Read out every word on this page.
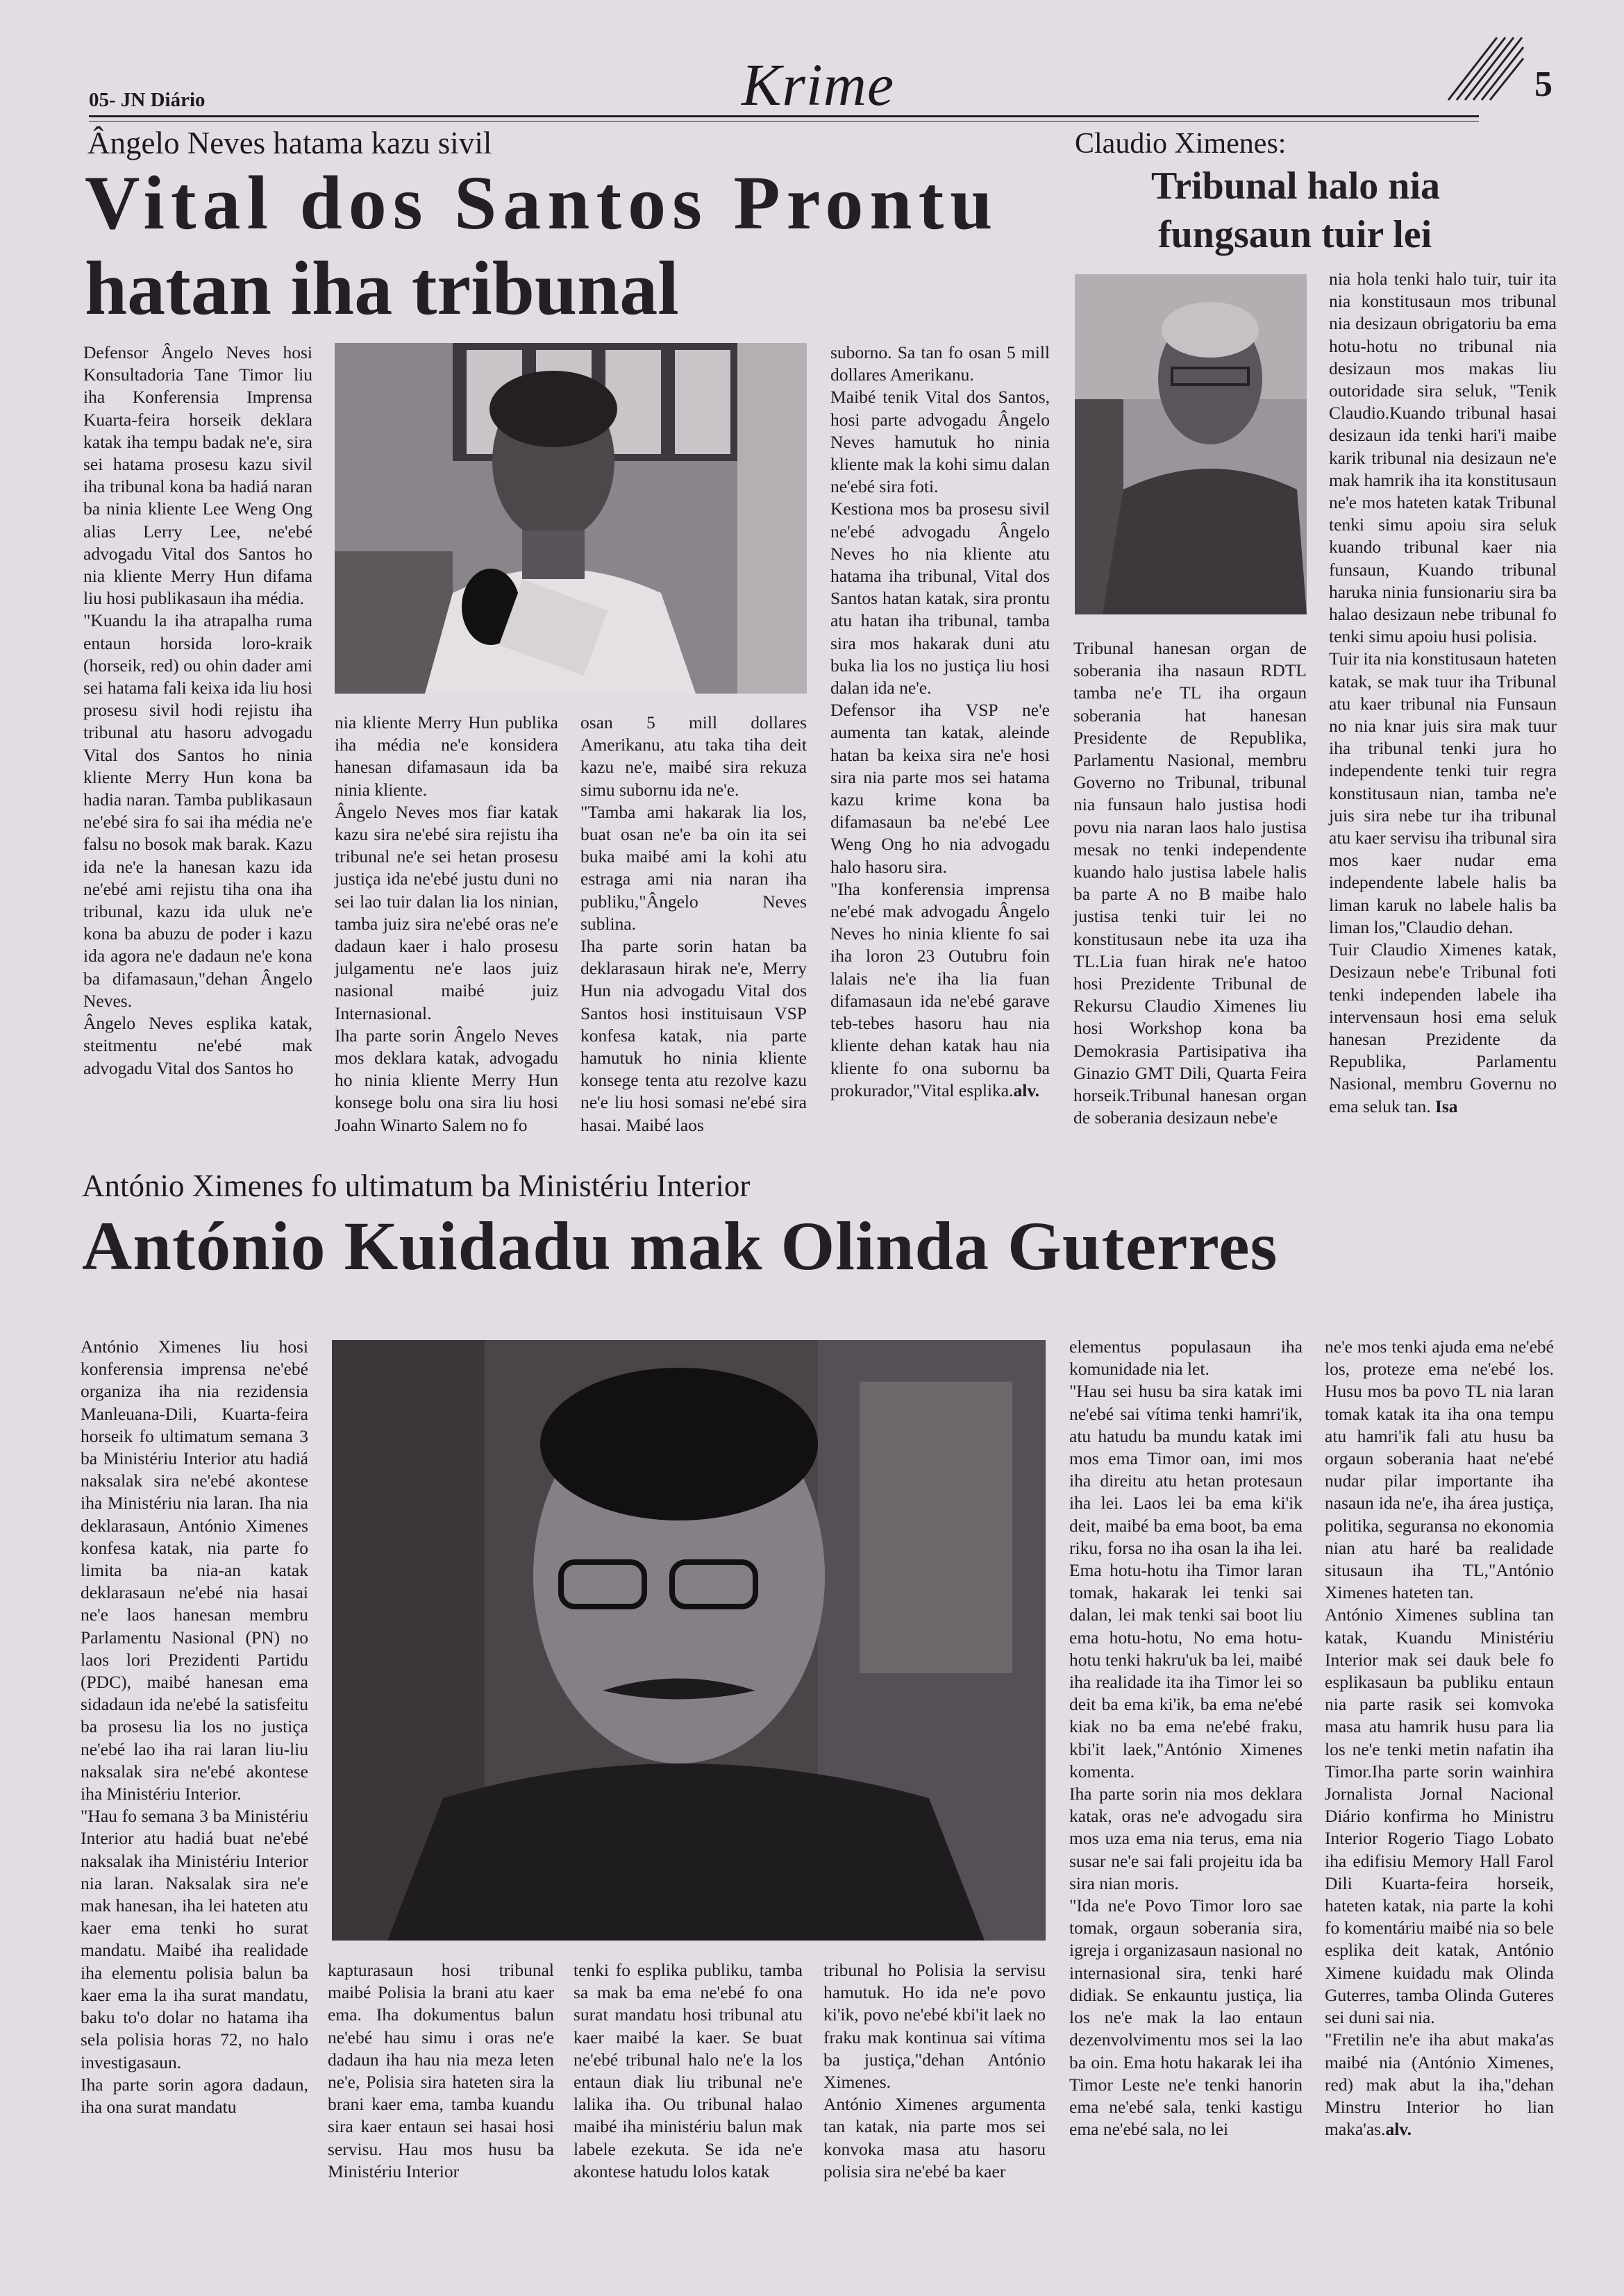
05- JN Diário	Krime	5
Ângelo Neves hatama kazu sivil
Vital dos Santos Prontu
hatan iha tribunal

Defensor Ângelo Neves hosi Konsultadoria Tane Timor liu iha Konferensia Imprensa Kuarta-feira horseik deklara katak iha tempu badak ne'e, sira sei hatama prosesu kazu sivil iha tribunal kona ba hadiá naran ba ninia kliente Lee Weng Ong alias Lerry Lee, ne'ebé advogadu Vital dos Santos ho nia kliente Merry Hun difama liu hosi publikasaun iha média.

"Kuandu la iha atrapalha ruma entaun horsida loro-kraik (horseik, red) ou ohin dader ami sei hatama fali keixa ida liu hosi prosesu sivil hodi rejistu iha tribunal atu hasoru advogadu Vital dos Santos ho ninia kliente Merry Hun kona ba hadia naran. Tamba publikasaun ne'ebé sira fo sai iha média ne'e falsu no bosok mak barak. Kazu ida ne'e la hanesan kazu ida ne'ebé ami rejistu tiha ona iha tribunal, kazu ida uluk ne'e kona ba abuzu de poder i kazu ida agora ne'e dadaun ne'e kona ba difamasaun,"dehan Ângelo Neves.

Ângelo Neves esplika katak, steitmentu ne'ebé mak advogadu Vital dos Santos ho

nia kliente Merry Hun publika iha média ne'e konsidera hanesan difamasaun ida ba ninia kliente.

Ângelo Neves mos fiar katak kazu sira ne'ebé sira rejistu iha tribunal ne'e sei hetan prosesu justiça ida ne'ebé justu duni no sei lao tuir dalan lia los ninian, tamba juiz sira ne'ebé oras ne'e dadaun kaer i halo prosesu julgamentu ne'e laos juiz nasional maibé juiz Internasional.

Iha parte sorin Ângelo Neves mos deklara katak, advogadu ho ninia kliente Merry Hun konsege bolu ona sira liu hosi Joahn Winarto Salem no fo

osan 5 mill dollares Amerikanu, atu taka tiha deit kazu ne'e, maibé sira rekuza simu subornu ida ne'e.

"Tamba ami hakarak lia los, buat osan ne'e ba oin ita sei buka maibé ami la kohi atu estraga ami nia naran iha publiku,"Ângelo Neves sublina.

Iha parte sorin hatan ba deklarasaun hirak ne'e, Merry Hun nia advogadu Vital dos Santos hosi instituisaun VSP konfesa katak, nia parte hamutuk ho ninia kliente konsege tenta atu rezolve kazu ne'e liu hosi somasi ne'ebé sira hasai. Maibé laos

suborno. Sa tan fo osan 5 mill dollares Amerikanu.

Maibé tenik Vital dos Santos, hosi parte advogadu Ângelo Neves hamutuk ho ninia kliente mak la kohi simu dalan ne'ebé sira foti.

Kestiona mos ba prosesu sivil ne'ebé advogadu Ângelo Neves ho nia kliente atu hatama iha tribunal, Vital dos Santos hatan katak, sira prontu atu hatan iha tribunal, tamba sira mos hakarak duni atu buka lia los no justiça liu hosi dalan ida ne'e.

Defensor iha VSP ne'e aumenta tan katak, aleinde hatan ba keixa sira ne'e hosi sira nia parte mos sei hatama kazu krime kona ba difamasaun ba ne'ebé Lee Weng Ong ho nia advogadu halo hasoru sira.

"Iha konferensia imprensa ne'ebé mak advogadu Ângelo Neves ho ninia kliente fo sai iha loron 23 Outubru foin lalais ne'e iha lia fuan difamasaun ida ne'ebé garave teb-tebes hasoru hau nia kliente dehan katak hau nia kliente fo ona subornu ba prokurador,"Vital esplika.alv.

Claudio Ximenes:
Tribunal halo nia
fungsaun tuir lei

Tribunal hanesan organ de soberania iha nasaun RDTL tamba ne'e TL iha orgaun soberania hat hanesan Presidente de Republika, Parlamentu Nasional, membru Governo no Tribunal, tribunal nia funsaun halo justisa hodi povu nia naran laos halo justisa mesak no tenki independente kuando halo justisa labele halis ba parte A no B maibe halo justisa tenki tuir lei no konstitusaun nebe ita uza iha TL.Lia fuan hirak ne'e hatoo hosi Prezidente Tribunal de Rekursu Claudio Ximenes liu hosi Workshop kona ba Demokrasia Partisipativa iha Ginazio GMT Dili, Quarta Feira horseik.Tribunal hanesan organ de soberania desizaun nebe'e

nia hola tenki halo tuir, tuir ita nia konstitusaun mos tribunal nia desizaun obrigatoriu ba ema hotu-hotu no tribunal nia desizaun mos makas liu outoridade sira seluk, "Tenik Claudio.Kuando tribunal hasai desizaun ida tenki hari'i maibe karik tribunal nia desizaun ne'e mak hamrik iha ita konstitusaun ne'e mos hateten katak Tribunal tenki simu apoiu sira seluk kuando tribunal kaer nia funsaun, Kuando tribunal haruka ninia funsionariu sira ba halao desizaun nebe tribunal fo tenki simu apoiu husi polisia.

Tuir ita nia konstitusaun hateten katak, se mak tuur iha Tribunal atu kaer tribunal nia Funsaun no nia knar juis sira mak tuur iha tribunal tenki jura ho independente tenki tuir regra konstitusaun nian, tamba ne'e juis sira nebe tur iha tribunal atu kaer servisu iha tribunal sira mos kaer nudar ema independente labele halis ba liman karuk no labele halis ba liman los,"Claudio dehan.

Tuir Claudio Ximenes katak, Desizaun nebe'e Tribunal foti tenki independen labele iha intervensaun hosi ema seluk hanesan Prezidente da Republika, Parlamentu Nasional, membru Governu no ema seluk tan. Isa

António Ximenes fo ultimatum ba Ministériu Interior
António Kuidadu mak Olinda Guterres

António Ximenes liu hosi konferensia imprensa ne'ebé organiza iha nia rezidensia Manleuana-Dili, Kuarta-feira horseik fo ultimatum semana 3 ba Ministériu Interior atu hadiá naksalak sira ne'ebé akontese iha Ministériu nia laran. Iha nia deklarasaun, António Ximenes konfesa katak, nia parte fo limita ba nia-an katak deklarasaun ne'ebé nia hasai ne'e laos hanesan membru Parlamentu Nasional (PN) no laos lori Prezidenti Partidu (PDC), maibé hanesan ema sidadaun ida ne'ebé la satisfeitu ba prosesu lia los no justiça ne'ebé lao iha rai laran liu-liu naksalak sira ne'ebé akontese iha Ministériu Interior.

"Hau fo semana 3 ba Ministériu Interior atu hadiá buat ne'ebé naksalak iha Ministériu Interior nia laran. Naksalak sira ne'e mak hanesan, iha lei hateten atu kaer ema tenki ho surat mandatu. Maibé iha realidade iha elementu polisia balun ba kaer ema la iha surat mandatu, baku to'o dolar no hatama iha sela polisia horas 72, no halo investigasaun.

Iha parte sorin agora dadaun, iha ona surat mandatu

kapturasaun hosi tribunal maibé Polisia la brani atu kaer ema. Iha dokumentus balun ne'ebé hau simu i oras ne'e dadaun iha hau nia meza leten ne'e, Polisia sira hateten sira la brani kaer ema, tamba kuandu sira kaer entaun sei hasai hosi servisu. Hau mos husu ba Ministériu Interior

tenki fo esplika publiku, tamba sa mak ba ema ne'ebé fo ona surat mandatu hosi tribunal atu kaer maibé la kaer. Se buat ne'ebé tribunal halo ne'e la los entaun diak liu tribunal ne'e lalika iha. Ou tribunal halao maibé iha ministériu balun mak labele ezekuta. Se ida ne'e akontese hatudu lolos katak

tribunal ho Polisia la servisu hamutuk. Ho ida ne'e povo ki'ik, povo ne'ebé kbi'it laek no fraku mak kontinua sai vítima ba justiça,"dehan António Ximenes.

António Ximenes argumenta tan katak, nia parte mos sei konvoka masa atu hasoru polisia sira ne'ebé ba kaer

elementus populasaun iha komunidade nia let.

"Hau sei husu ba sira katak imi ne'ebé sai vítima tenki hamri'ik, atu hatudu ba mundu katak imi mos ema Timor oan, imi mos iha direitu atu hetan protesaun iha lei. Laos lei ba ema ki'ik deit, maibé ba ema boot, ba ema riku, forsa no iha osan la iha lei. Ema hotu-hotu iha Timor laran tomak, hakarak lei tenki sai dalan, lei mak tenki sai boot liu ema hotu-hotu, No ema hotu-hotu tenki hakru'uk ba lei, maibé iha realidade ita iha Timor lei so deit ba ema ki'ik, ba ema ne'ebé kiak no ba ema ne'ebé fraku, kbi'it laek,"António Ximenes komenta.

Iha parte sorin nia mos deklara katak, oras ne'e advogadu sira mos uza ema nia terus, ema nia susar ne'e sai fali projeitu ida ba sira nian moris.

"Ida ne'e Povo Timor loro sae tomak, orgaun soberania sira, igreja i organizasaun nasional no internasional sira, tenki haré didiak. Se enkauntu justiça, lia los ne'e mak la lao entaun dezenvolvimentu mos sei la lao ba oin. Ema hotu hakarak lei iha Timor Leste ne'e tenki hanorin ema ne'ebé sala, tenki kastigu ema ne'ebé sala, no lei

ne'e mos tenki ajuda ema ne'ebé los, proteze ema ne'ebé los. Husu mos ba povo TL nia laran tomak katak ita iha ona tempu atu hamri'ik fali atu husu ba orgaun soberania haat ne'ebé nudar pilar importante iha nasaun ida ne'e, iha área justiça, politika, seguransa no ekonomia nian atu haré ba realidade situsaun iha TL,"António Ximenes hateten tan.

António Ximenes sublina tan katak, Kuandu Ministériu Interior mak sei dauk bele fo esplikasaun ba publiku entaun nia parte rasik sei komvoka masa atu hamrik husu para lia los ne'e tenki metin nafatin iha Timor.Iha parte sorin wainhira Jornalista Jornal Nacional Diário konfirma ho Ministru Interior Rogerio Tiago Lobato iha edifisiu Memory Hall Farol Dili Kuarta-feira horseik, hateten katak, nia parte la kohi fo komentáriu maibé nia so bele esplika deit katak, António Ximene kuidadu mak Olinda Guterres, tamba Olinda Guteres sei duni sai nia.

"Fretilin ne'e iha abut maka'as maibé nia (António Ximenes, red) mak abut la iha,"dehan Minstru Interior ho lian maka'as.alv.
